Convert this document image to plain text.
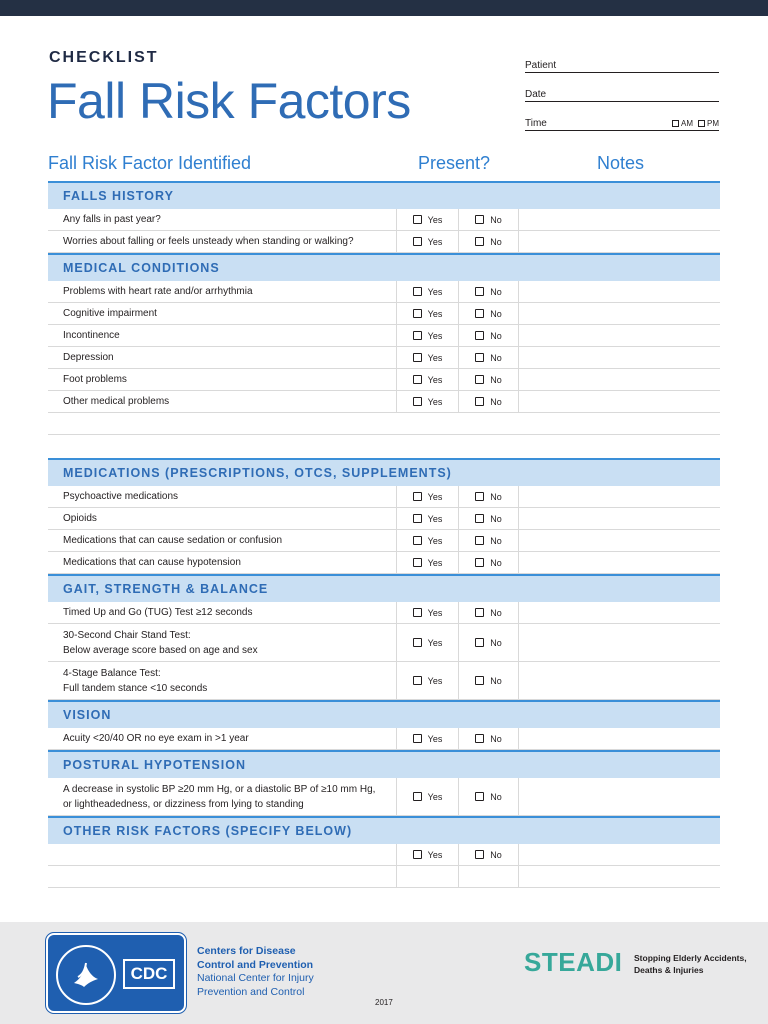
CHECKLIST
Fall Risk Factors
Patient
Date
Time	AM PM
Fall Risk Factor Identified	Present?	Notes
FALLS HISTORY
Any falls in past year?	Yes	No
Worries about falling or feels unsteady when standing or walking?	Yes	No
MEDICAL CONDITIONS
Problems with heart rate and/or arrhythmia	Yes	No
Cognitive impairment	Yes	No
Incontinence	Yes	No
Depression	Yes	No
Foot problems	Yes	No
Other medical problems	Yes	No
MEDICATIONS (PRESCRIPTIONS, OTCS, SUPPLEMENTS)
Psychoactive medications	Yes	No
Opioids	Yes	No
Medications that can cause sedation or confusion	Yes	No
Medications that can cause hypotension	Yes	No
GAIT, STRENGTH & BALANCE
Timed Up and Go (TUG) Test ≥12 seconds	Yes	No
30-Second Chair Stand Test:
Below average score based on age and sex
Yes	No
4-Stage Balance Test:
Full tandem stance <10 seconds
Yes	No
VISION
Acuity <20/40 OR no eye exam in >1 year	Yes	No
POSTURAL HYPOTENSION
A decrease in systolic BP ≥20 mm Hg, or a diastolic BP of ≥10 mm Hg,
or lightheadedness, or dizziness from lying to standing
Yes	No
OTHER RISK FACTORS (SPECIFY BELOW)
Yes	No
CDC
Centers for Disease
Control and Prevention
National Center for Injury
Prevention and Control
2017
STEADI Stopping Elderly Accidents,
Deaths & Injuries
